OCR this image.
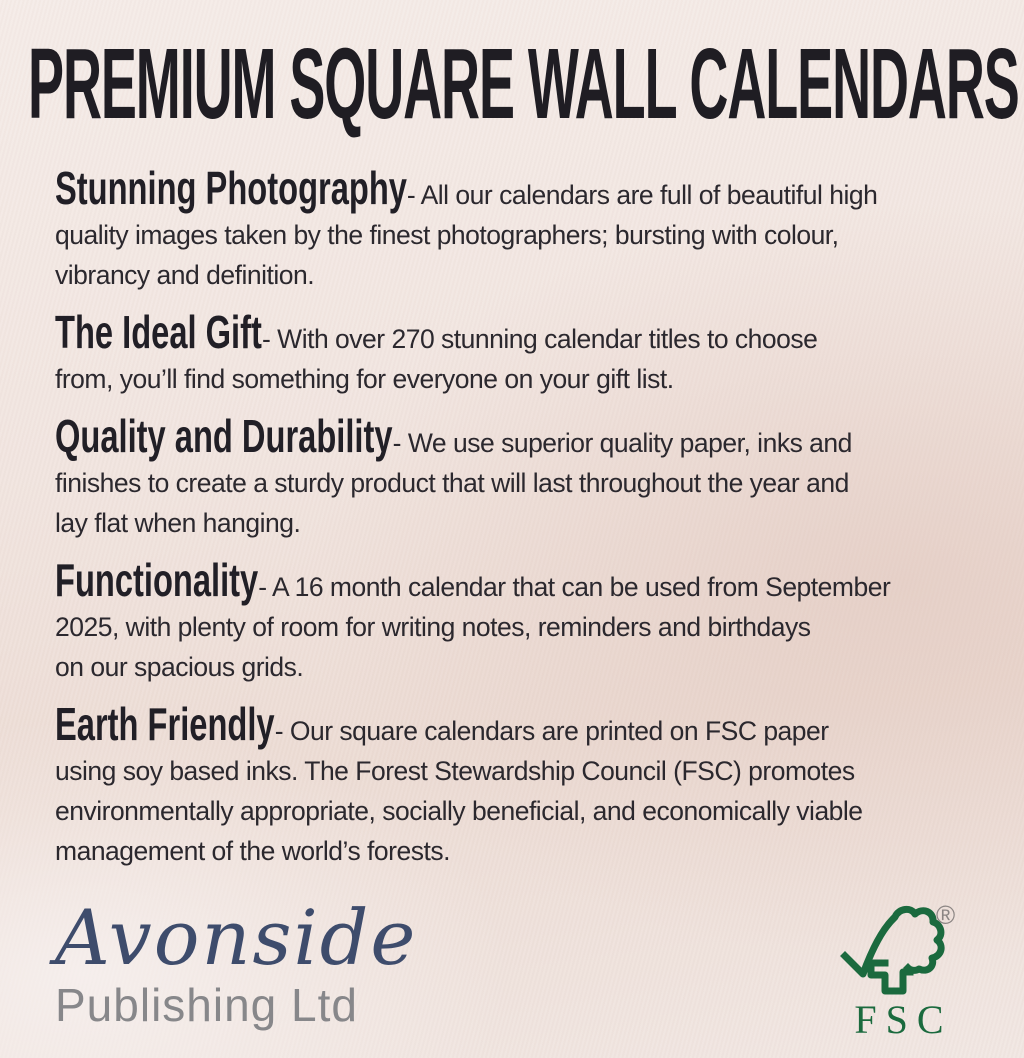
PREMIUM SQUARE WALL CALENDARS

Stunning Photography- All our calendars are full of beautiful high
quality images taken by the finest photographers; bursting with colour,
vibrancy and definition.

The Ideal Gift- With over 270 stunning calendar titles to choose
from, you’ll find something for everyone on your gift list.

Quality and Durability- We use superior quality paper, inks and
finishes to create a sturdy product that will last throughout the year and
lay flat when hanging.

Functionality- A 16 month calendar that can be used from September
2025, with plenty of room for writing notes, reminders and birthdays
on our spacious grids.

Earth Friendly- Our square calendars are printed on FSC paper
using soy based inks. The Forest Stewardship Council (FSC) promotes
environmentally appropriate, socially beneficial, and economically viable
management of the world’s forests.

Avonside
Publishing Ltd
®
FSC
